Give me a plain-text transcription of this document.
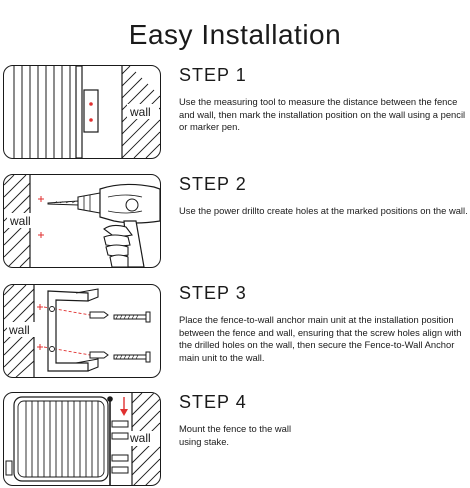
Easy Installation
wall
STEP 1
Use the measuring tool to measure the distance between the fence and wall, then mark the installation position on the wall using a pencil or marker pen.
wall
STEP 2
Use the power drillto create holes at the marked positions on the wall.
wall
STEP 3
Place the fence-to-wall anchor main unit at the installation position between the fence and wall, ensuring that the screw holes align with the drilled holes on the wall, then secure the Fence-to-Wall Anchor main unit to the wall.
wall
STEP 4
Mount the fence to the wall using stake.
